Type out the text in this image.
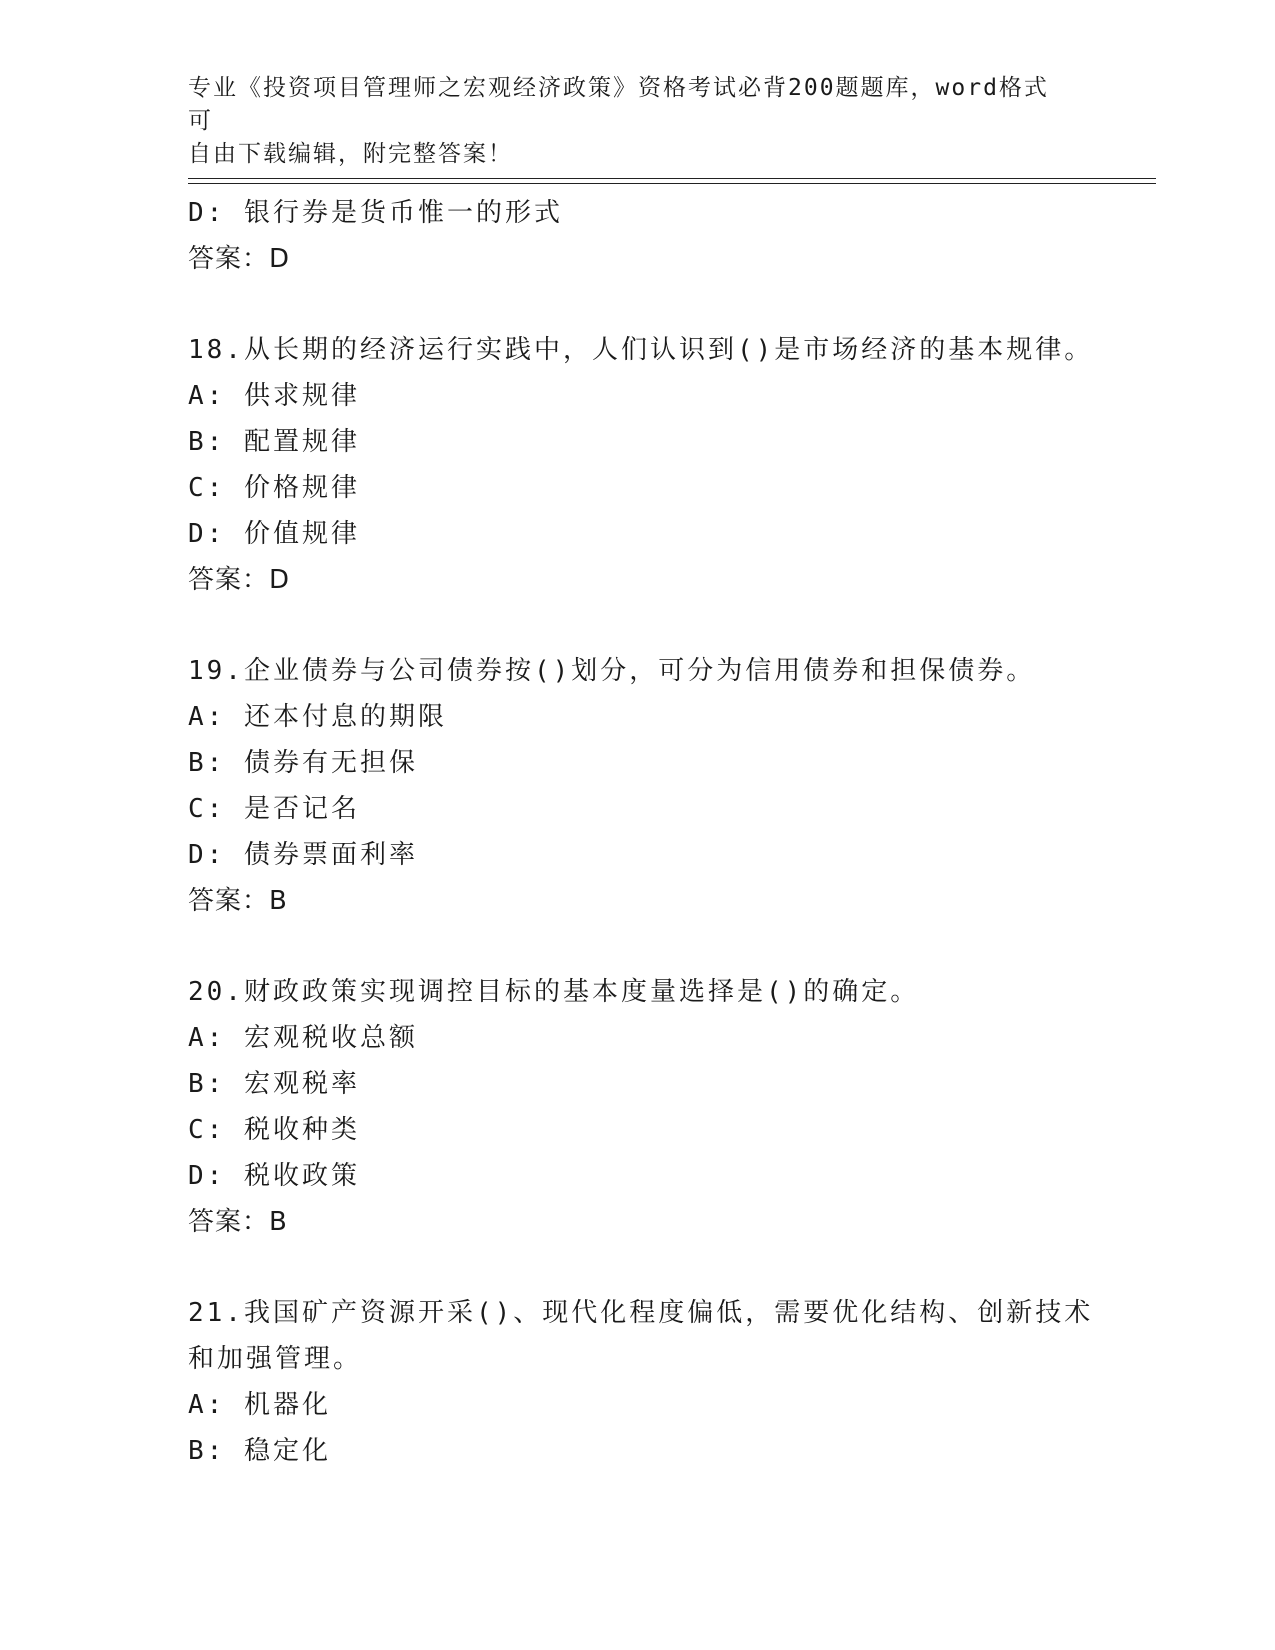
专业《投资项目管理师之宏观经济政策》资格考试必背200题题库，word格式可
自由下载编辑，附完整答案！
D: 银行券是货币惟一的形式
答案：D
18.从长期的经济运行实践中，人们认识到()是市场经济的基本规律。
A: 供求规律
B: 配置规律
C: 价格规律
D: 价值规律
答案：D
19.企业债券与公司债券按()划分，可分为信用债券和担保债券。
A: 还本付息的期限
B: 债券有无担保
C: 是否记名
D: 债券票面利率
答案：B
20.财政政策实现调控目标的基本度量选择是()的确定。
A: 宏观税收总额
B: 宏观税率
C: 税收种类
D: 税收政策
答案：B
21.我国矿产资源开采()、现代化程度偏低，需要优化结构、创新技术
和加强管理。
A: 机器化
B: 稳定化
